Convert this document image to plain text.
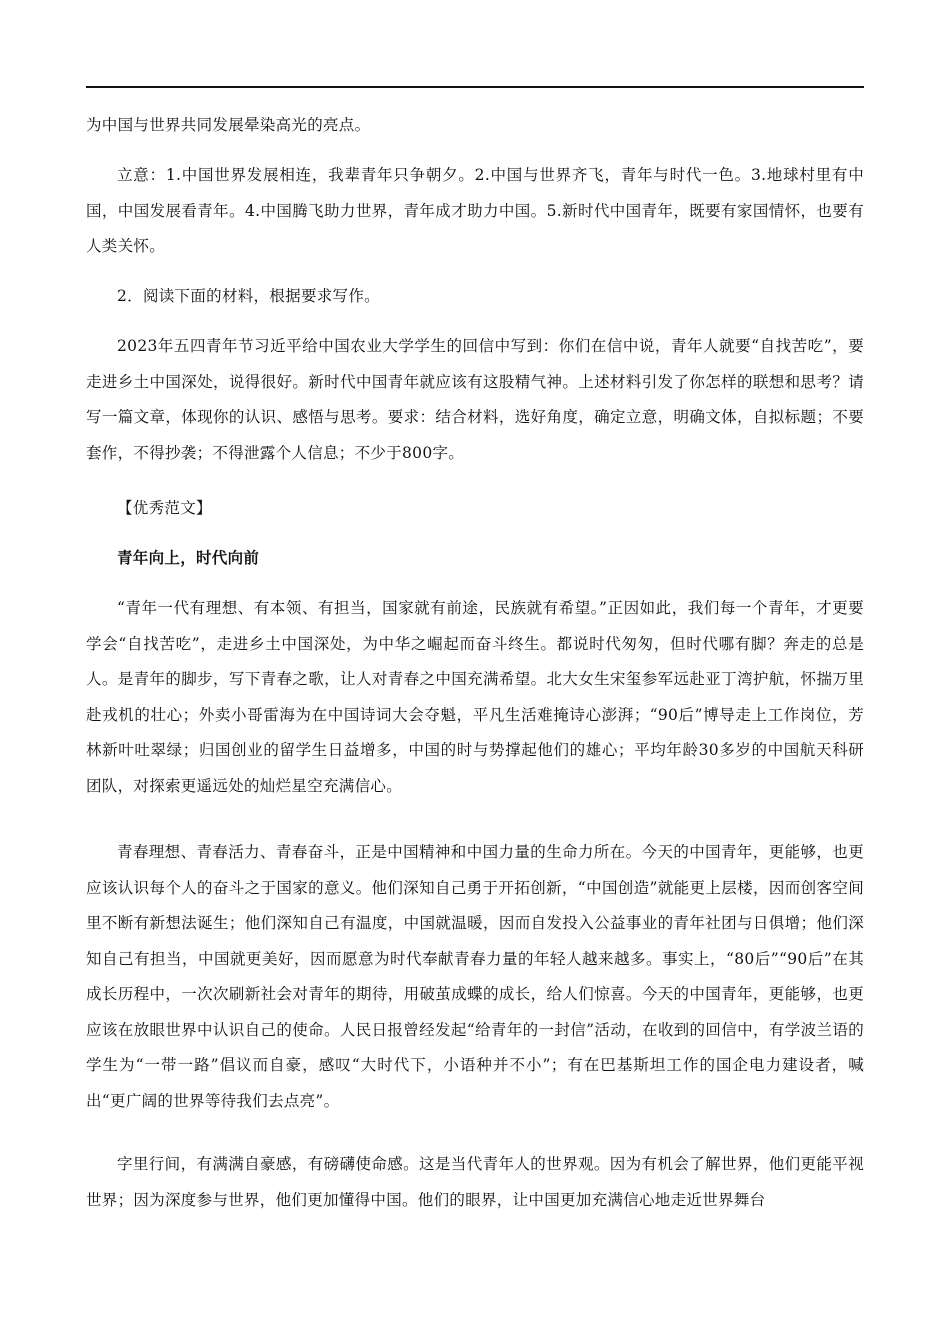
为中国与世界共同发展晕染高光的亮点。

立意：1.中国世界发展相连，我辈青年只争朝夕。2.中国与世界齐飞，青年与时代一色。3.地球村里有中国，中国发展看青年。4.中国腾飞助力世界，青年成才助力中国。5.新时代中国青年，既要有家国情怀，也要有人类关怀。

2．阅读下面的材料，根据要求写作。

2023年五四青年节习近平给中国农业大学学生的回信中写到：你们在信中说，青年人就要“自找苦吃”，要走进乡土中国深处，说得很好。新时代中国青年就应该有这股精气神。上述材料引发了你怎样的联想和思考？请写一篇文章，体现你的认识、感悟与思考。要求：结合材料，选好角度，确定立意，明确文体，自拟标题；不要套作，不得抄袭；不得泄露个人信息；不少于800字。

【优秀范文】

青年向上，时代向前

“青年一代有理想、有本领、有担当，国家就有前途，民族就有希望。”正因如此，我们每一个青年，才更要学会“自找苦吃”，走进乡土中国深处，为中华之崛起而奋斗终生。都说时代匆匆，但时代哪有脚？奔走的总是人。是青年的脚步，写下青春之歌，让人对青春之中国充满希望。北大女生宋玺参军远赴亚丁湾护航，怀揣万里赴戎机的壮心；外卖小哥雷海为在中国诗词大会夺魁，平凡生活难掩诗心澎湃；“90后”博导走上工作岗位，芳林新叶吐翠绿；归国创业的留学生日益增多，中国的时与势撑起他们的雄心；平均年龄30多岁的中国航天科研团队，对探索更遥远处的灿烂星空充满信心。

青春理想、青春活力、青春奋斗，正是中国精神和中国力量的生命力所在。今天的中国青年，更能够，也更应该认识每个人的奋斗之于国家的意义。他们深知自己勇于开拓创新，“中国创造”就能更上层楼，因而创客空间里不断有新想法诞生；他们深知自己有温度，中国就温暖，因而自发投入公益事业的青年社团与日俱增；他们深知自己有担当，中国就更美好，因而愿意为时代奉献青春力量的年轻人越来越多。事实上，“80后”“90后”在其成长历程中，一次次刷新社会对青年的期待，用破茧成蝶的成长，给人们惊喜。今天的中国青年，更能够，也更应该在放眼世界中认识自己的使命。人民日报曾经发起“给青年的一封信”活动，在收到的回信中，有学波兰语的学生为“一带一路”倡议而自豪，感叹“大时代下，小语种并不小”；有在巴基斯坦工作的国企电力建设者，喊出“更广阔的世界等待我们去点亮”。

字里行间，有满满自豪感，有磅礴使命感。这是当代青年人的世界观。因为有机会了解世界，他们更能平视世界；因为深度参与世界，他们更加懂得中国。他们的眼界，让中国更加充满信心地走近世界舞台
